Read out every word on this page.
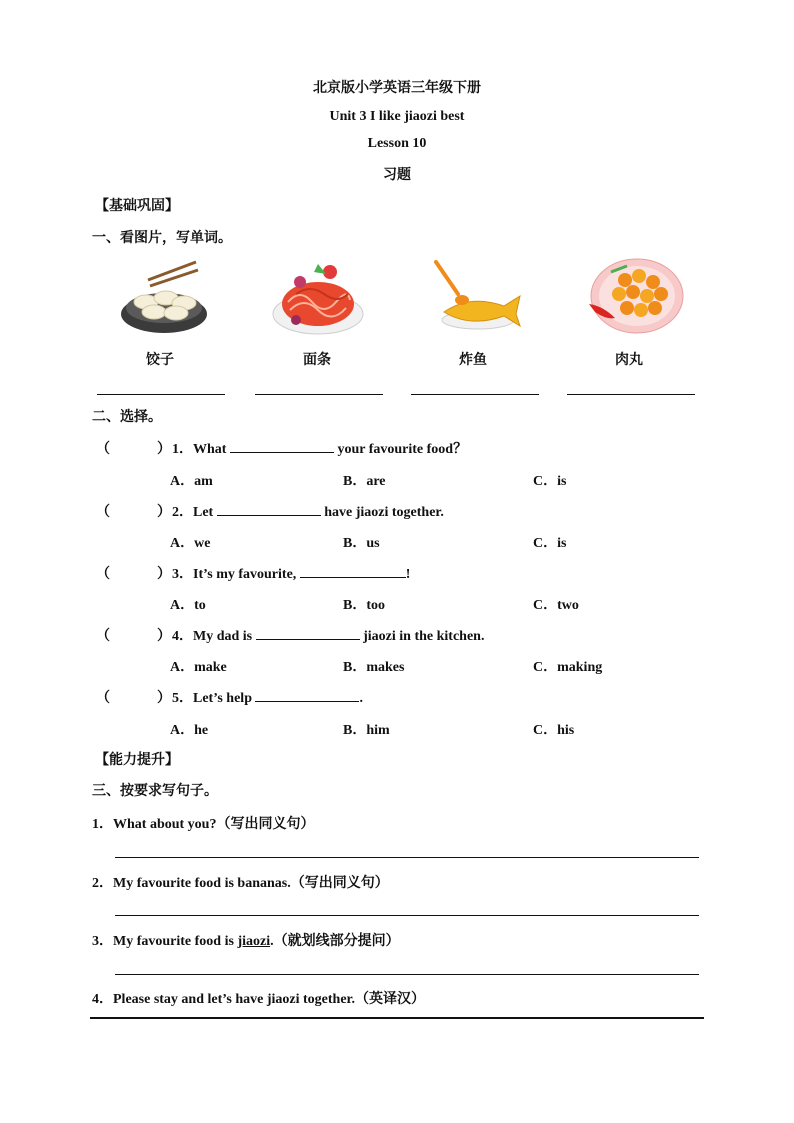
北京版小学英语三年级下册
Unit 3 I like jiaozi best
Lesson 10
习题
【基础巩固】
一、看图片，写单词。
饺子	面条	炸鱼	肉丸
二、选择。
（	） 1．What	your favourite food？
A．am	B．are	C．is
（	） 2．Let	have jiaozi together.
A．we	B．us	C．is
（	） 3．It’s my favourite,	!
A．to	B．too	C．two
（	） 4．My dad is	jiaozi in the kitchen.
A．make	B．makes	C．making
（	） 5．Let’s help	.
A．he	B．him	C．his
【能力提升】
三、按要求写句子。
1．What about you?（写出同义句）
2．My favourite food is bananas.（写出同义句）
3．My favourite food is jiaozi.（就划线部分提问）
4．Please stay and let’s have jiaozi together.（英译汉）
